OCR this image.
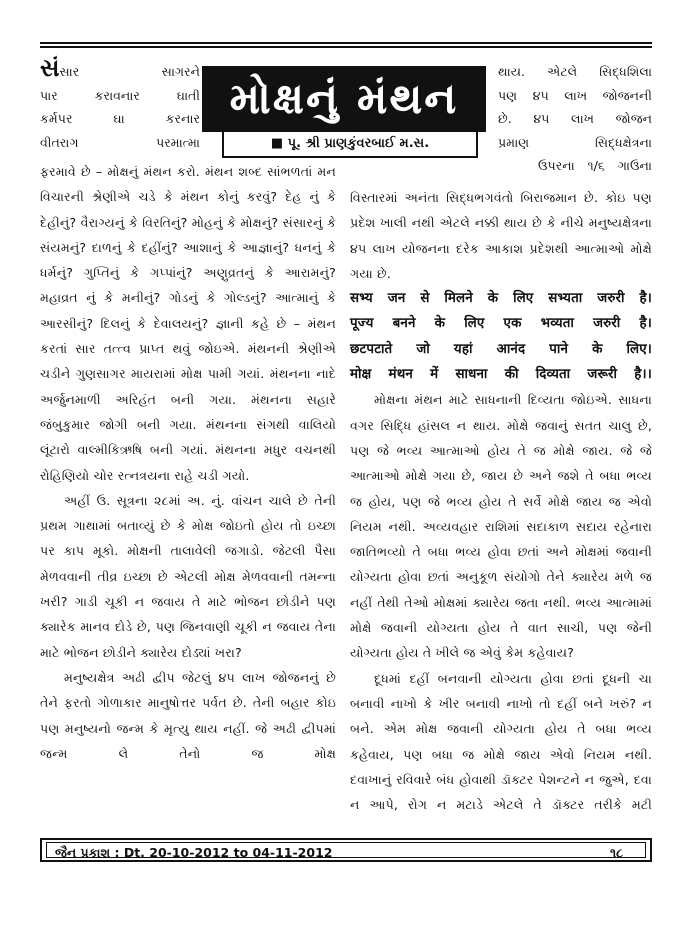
સંસાર સાગરને

પાર કરાવનાર ઘાતી

કર્મપર ઘા કરનાર

વીતરાગ પરમાત્મા

મોક્ષનું મંથન
■ પૂ. શ્રી પ્રાણકુંવરબાઈ મ.સ.

થાય. એટલે સિદ્ધશિલા

પણ ૪૫ લાખ જોજનની

છે. ૪૫ લાખ જોજન

પ્રમાણ સિદ્ધક્ષેત્રના

ઉપરના ૧/૬ ગાઉના

ફરમાવે છે – મોક્ષનું મંથન કરો. મંથન શબ્દ સાંભળતાં મન વિચારની શ્રેણીએ ચડે કે મંથન કોનું કરવું? દેહ નું કે દેહીનું? વૈરાગ્યનું કે વિરતિનું? મોહનું કે મોક્ષનું? સંસારનું કે સંયમનું? દાળનું કે દહીંનું? આશાનું કે આજ્ઞાનું? ધનનું કે ધર્મનું? ગુપ્તિનું કે ગપ્પાંનું? અણુવ્રતનું કે આરામનું? મહાવ્રત નું કે મનીનું? ગોડનું કે ગોલ્ડનું? આત્માનું કે આરસીનું? દિલનું કે દેવાલયનું? જ્ઞાની કહે છે – મંથન કરતાં સાર તત્ત્વ પ્રાપ્ત થવું જોઇએ. મંથનની શ્રેણીએ ચડીને ગુણસાગર માયરામાં મોક્ષ પામી ગયાં. મંથનના નાદે અર્જુનમાળી અરિહંત બની ગયા. મંથનના સહારે જંબુકુમાર જોગી બની ગયા. મંથનના સંગથી વાલિયો લૂંટારો વાલ્મીકિઋષિ બની ગયાં. મંથનના મધુર વચનથી રોહિણિયો ચોર રત્નત્રયના રાહે ચડી ગયો.

અહીં ઉ. સૂત્રના ૨૮માં અ. નું. વાંચન ચાલે છે તેની પ્રથમ ગાથામાં બતાવ્યું છે કે મોક્ષ જોઇતો હોય તો ઇચ્છા પર કાપ મૂકો. મોક્ષની તાલાવેલી જગાડો. જેટલી પૈસા મેળવવાની તીવ્ર ઇચ્છા છે એટલી મોક્ષ મેળવવાની તમન્ના ખરી? ગાડી ચૂકી ન જવાય તે માટે ભોજન છોડીને પણ ક્યારેક માનવ દોડે છે, પણ જિનવાણી ચૂકી ન જવાય તેના માટે ભોજન છોડીને ક્યારેય દોડ્યાં ખરા?

મનુષ્યક્ષેત્ર અઢી દ્વીપ જેટલું ૪૫ લાખ જોજનનું છે તેને ફરતો ગોળાકાર માનુષોત્તર પર્વત છે. તેની બહાર કોઇ પણ મનુષ્યનો જન્મ કે મૃત્યુ થાય નહીં. જે અઢી દ્વીપમાં જન્મ લે તેનો જ મોક્ષ

વિસ્તારમાં અનંતા સિદ્ધભગવંતો બિરાજમાન છે. કોઇ પણ પ્રદેશ ખાલી નથી એટલે નક્કી થાય છે કે નીચે મનુષ્યક્ષેત્રના ૪૫ લાખ યોજનના દરેક આકાશ પ્રદેશથી આત્માઓ મોક્ષે ગયા છે.

सभ्य जन से मिलने के लिए सभ्यता जरुरी है।

पूज्य बनने के लिए एक भव्यता जरुरी है।

छटपटाते जो यहां आनंद पाने के लिए।

मोक्ष मंथन में साधना की दिव्यता जरूरी है।।

મોક્ષના મંથન માટે સાધનાની દિવ્યતા જોઇએ. સાધના વગર સિદ્ધિ હાંસલ ન થાય. મોક્ષે જવાનું સતત ચાલુ છે, પણ જે ભવ્ય આત્માઓ હોય તે જ મોક્ષે જાય. જે જે આત્માઓ મોક્ષે ગયા છે, જાય છે અને જશે તે બધા ભવ્ય જ હોય, પણ જે ભવ્ય હોય તે સર્વે મોક્ષે જાય જ એવો નિયમ નથી. અવ્યવહાર રાશિમાં સદાકાળ સદાય રહેનારા જાતિભવ્યો તે બધા ભવ્ય હોવા છતાં અને મોક્ષમાં જવાની યોગ્યતા હોવા છતાં અનુકૂળ સંયોગો તેને ક્યારેય મળે જ નહીં તેથી તેઓ મોક્ષમાં ક્યારેય જતા નથી. ભવ્ય આત્મામાં મોક્ષે જવાની યોગ્યતા હોય તે વાત સાચી, પણ જેની યોગ્યતા હોય તે ખીલે જ એવું કેમ કહેવાય?

દૂધમાં દહીં બનવાની યોગ્યતા હોવા છતાં દૂધની ચા બનાવી નાખો કે ખીર બનાવી નાખો તો દહીં બને ખરું? ન બને. એમ મોક્ષ જવાની યોગ્યતા હોય તે બધા ભવ્ય કહેવાય, પણ બધા જ મોક્ષે જાય એવો નિયમ નથી. દવાખાનું રવિવારે બંધ હોવાથી ડૉક્ટર પેશન્ટને ન જુએ, દવા ન આપે, રોગ ન મટાડે એટલે તે ડૉક્ટર તરીકે મટી

જૈન પ્રકાશ : Dt. 20-10-2012 to 04-11-2012	૧૮
